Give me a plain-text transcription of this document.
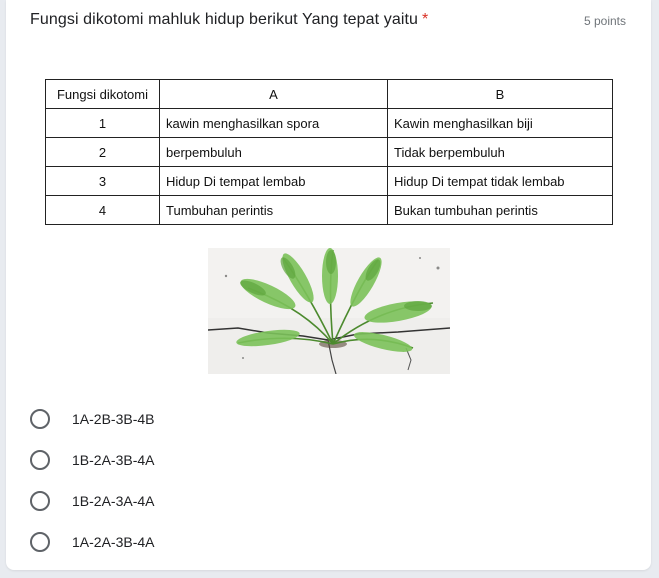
Fungsi dikotomi mahluk hidup berikut Yang tepat yaitu *	5 points
Fungsi dikotomi	A	B
1	kawin menghasilkan spora	Kawin menghasilkan biji
2	berpembuluh	Tidak berpembuluh
3	Hidup Di tempat lembab	Hidup Di tempat tidak lembab
4	Tumbuhan perintis	Bukan tumbuhan perintis
1A-2B-3B-4B
1B-2A-3B-4A
1B-2A-3A-4A
1A-2A-3B-4A
